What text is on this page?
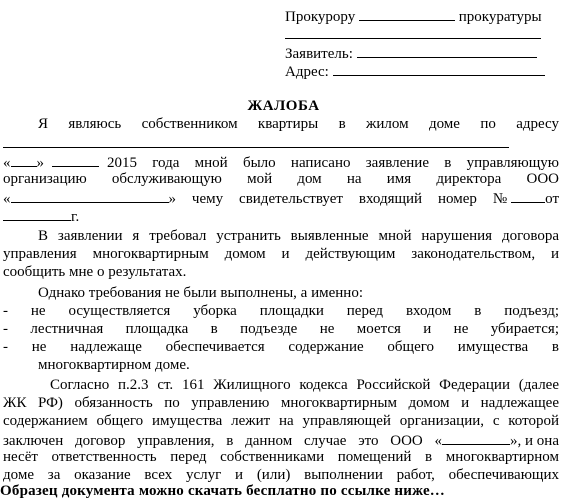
Прокурору	прокуратуры
Заявитель:
Адрес:
ЖАЛОБА
Я являюсь собственником квартиры в жилом доме по адресу
« »	2015 года мной было написано заявление в управляющую
организацию обслуживающую мой дом на имя директора ООО
«	» чему свидетельствует входящий номер №	от
г.
В заявлении я требовал устранить выявленные мной нарушения договора
управления многоквартирным домом и действующим законодательством, и
сообщить мне о результатах.
Однако требования не были выполнены, а именно:
- не осуществляется уборка площадки перед входом в подъезд;
- лестничная площадка в подъезде не моется и не убирается;
- не надлежаще обеспечивается содержание общего имущества в
многоквартирном доме.
Согласно п.2.3 ст. 161 Жилищного кодекса Российской Федерации (далее
ЖК РФ) обязанность по управлению многоквартирным домом и надлежащее
содержанием общего имущества лежит на управляющей организации, с которой
заключен договор управления, в данном случае это ООО «	», и она
несёт ответственность перед собственниками помещений в многоквартирном
доме за оказание всех услуг и (или) выполнении работ, обеспечивающих
Образец документа можно скачать бесплатно по ссылке ниже…
